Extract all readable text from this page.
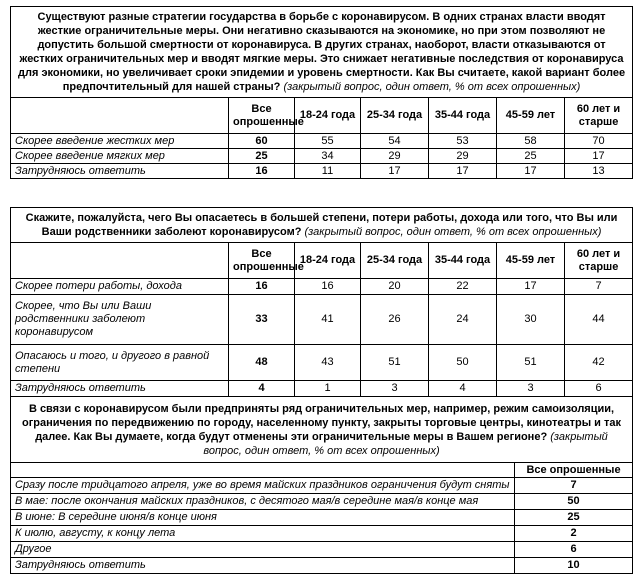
Существуют разные стратегии государства в борьбе с коронавирусом. В одних странах власти вводят жесткие ограничительные меры. Они негативно сказываются на экономике, но при этом позволяют не допустить большой смертности от коронавируса. В других странах, наоборот, власти отказываются от жестких ограничительных мер и вводят мягкие меры. Это снижает негативные последствия от коронавируса для экономики, но увеличивает сроки эпидемии и уровень смертности. Как Вы считаете, какой вариант более предпочтительный для нашей страны? (закрытый вопрос, один ответ, % от всех опрошенных)						
	Все опрошенные	18-24 года	25-34 года	35-44 года	45-59 лет	60 лет и старше
Скорее введение жестких мер	60	55	54	53	58	70
Скорее введение мягких мер	25	34	29	29	25	17
Затрудняюсь ответить	16	11	17	17	17	13
Скажите, пожалуйста, чего Вы опасаетесь в большей степени, потери работы, дохода или того, что Вы или Ваши родственники заболеют коронавирусом? (закрытый вопрос, один ответ, % от всех опрошенных)						
	Все опрошенные	18-24 года	25-34 года	35-44 года	45-59 лет	60 лет и старше
Скорее потери работы, дохода	16	16	20	22	17	7
Скорее, что Вы или Ваши родственники заболеют коронавирусом	33	41	26	24	30	44
Опасаюсь и того, и другого в равной степени	48	43	51	50	51	42
Затрудняюсь ответить	4	1	3	4	3	6
В связи с коронавирусом были предприняты ряд ограничительных мер, например, режим самоизоляции, ограничения по передвижению по городу, населенному пункту, закрыты торговые центры, кинотеатры и так далее. Как Вы думаете, когда будут отменены эти ограничительные меры в Вашем регионе? (закрытый вопрос, один ответ, % от всех опрошенных)	
	Все опрошенные
Сразу после тридцатого апреля, уже во время майских праздников ограничения будут сняты	7
В мае: после окончания майских праздников, с десятого мая/в середине мая/в конце мая	50
В июне: В середине июня/в конце июня	25
К июлю, августу, к концу лета	2
Другое	6
Затрудняюсь ответить	10
